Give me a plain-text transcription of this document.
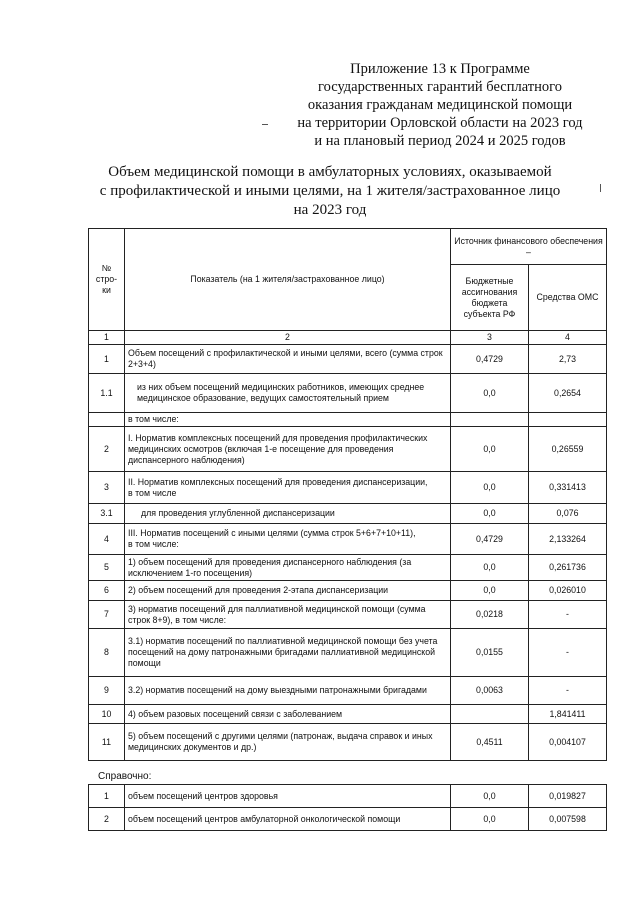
Приложение 13 к Программе
государственных гарантий бесплатного
оказания гражданам медицинской помощи
на территории Орловской области на 2023 год
и на плановый период 2024 и 2025 годов
Объем медицинской помощи в амбулаторных условиях, оказываемой
с профилактической и иными целями, на 1 жителя/застрахованное лицо
на 2023 год
№ стро-ки	Показатель (на 1 жителя/застрахованное лицо)	Источник финансового обеспечения –	
		Бюджетные ассигнования бюджета субъекта РФ	Средства ОМС
1	2	3	4
1	Объем посещений с профилактической и иными целями, всего (сумма строк 2+3+4)	0,4729	2,73
1.1	из них объем посещений медицинских работников, имеющих среднее медицинское образование, ведущих самостоятельный прием	0,0	0,2654
	в том числе:		
2	I. Норматив комплексных посещений для проведения профилактических медицинских осмотров (включая 1-е посещение для проведения диспансерного наблюдения)	0,0	0,26559
3	II. Норматив комплексных посещений для проведения диспансеризации,           в том числе	0,0	0,331413
3.1	для проведения углубленной диспансеризации	0,0	0,076
4	III. Норматив посещений с иными целями (сумма строк 5+6+7+10+11),           в том числе:	0,4729	2,133264
5	1) объем посещений для проведения диспансерного наблюдения (за исключением 1-го посещения)	0,0	0,261736
6	2) объем посещений для проведения 2-этапа диспансеризации	0,0	0,026010
7	3) норматив посещений для паллиативной медицинской помощи (сумма строк 8+9), в том числе:	0,0218	-
8	3.1) норматив посещений по паллиативной медицинской помощи без учета посещений на дому патронажными бригадами паллиативной медицинской помощи	0,0155	-
9	3.2) норматив посещений на дому выездными патронажными бригадами	0,0063	-
10	4) объем разовых посещений связи с заболеванием		1,841411
11	5) объем посещений с другими целями (патронаж, выдача справок и иных медицинских документов и др.)	0,4511	0,004107
Справочно:
1	объем посещений центров здоровья	0,0	0,019827
2	объем посещений центров амбулаторной онкологической помощи	0,0	0,007598
